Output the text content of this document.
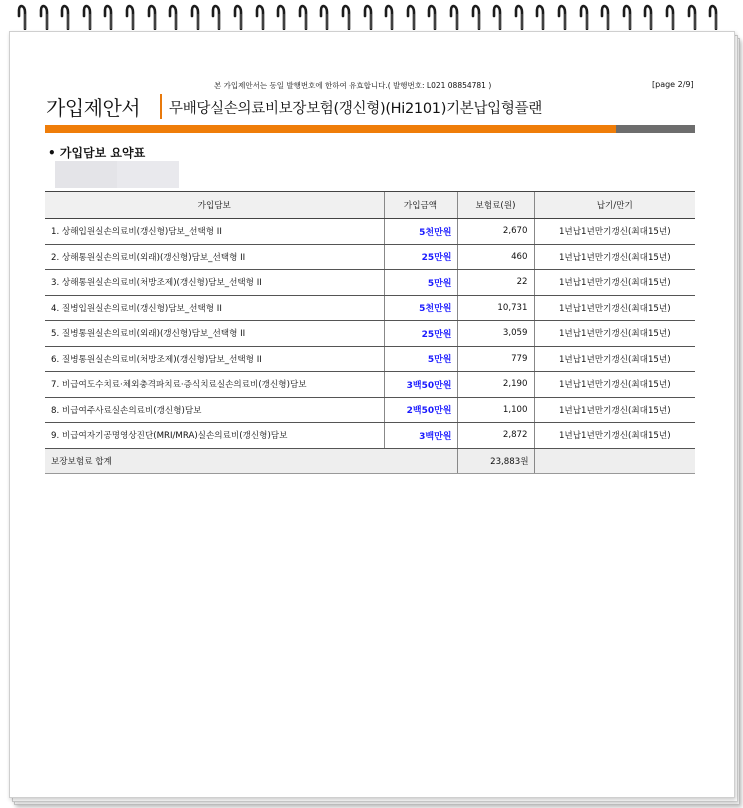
본 가입제안서는 동일 발행번호에 한하여 유효합니다.( 발행번호: L021 08854781 )	[page 2/9]
가입제안서 무배당실손의료비보장보험(갱신형)(Hi2101)기본납입형플랜
• 가입담보 요약표
가입담보	가입금액	보험료(원)	납기/만기
1. 상해입원실손의료비(갱신형)담보_선택형 II	5천만원	2,670	1년납1년만기갱신(최대15년)
2. 상해통원실손의료비(외래)(갱신형)담보_선택형 II	25만원	460	1년납1년만기갱신(최대15년)
3. 상해통원실손의료비(처방조제)(갱신형)담보_선택형 II	5만원	22	1년납1년만기갱신(최대15년)
4. 질병입원실손의료비(갱신형)담보_선택형 II	5천만원	10,731	1년납1년만기갱신(최대15년)
5. 질병통원실손의료비(외래)(갱신형)담보_선택형 II	25만원	3,059	1년납1년만기갱신(최대15년)
6. 질병통원실손의료비(처방조제)(갱신형)담보_선택형 II	5만원	779	1년납1년만기갱신(최대15년)
7. 비급여도수치료·체외충격파치료·증식치료실손의료비(갱신형)담보	3백50만원	2,190	1년납1년만기갱신(최대15년)
8. 비급여주사료실손의료비(갱신형)담보	2백50만원	1,100	1년납1년만기갱신(최대15년)
9. 비급여자기공명영상진단(MRI/MRA)실손의료비(갱신형)담보	3백만원	2,872	1년납1년만기갱신(최대15년)
보장보험료 합계		23,883원	
